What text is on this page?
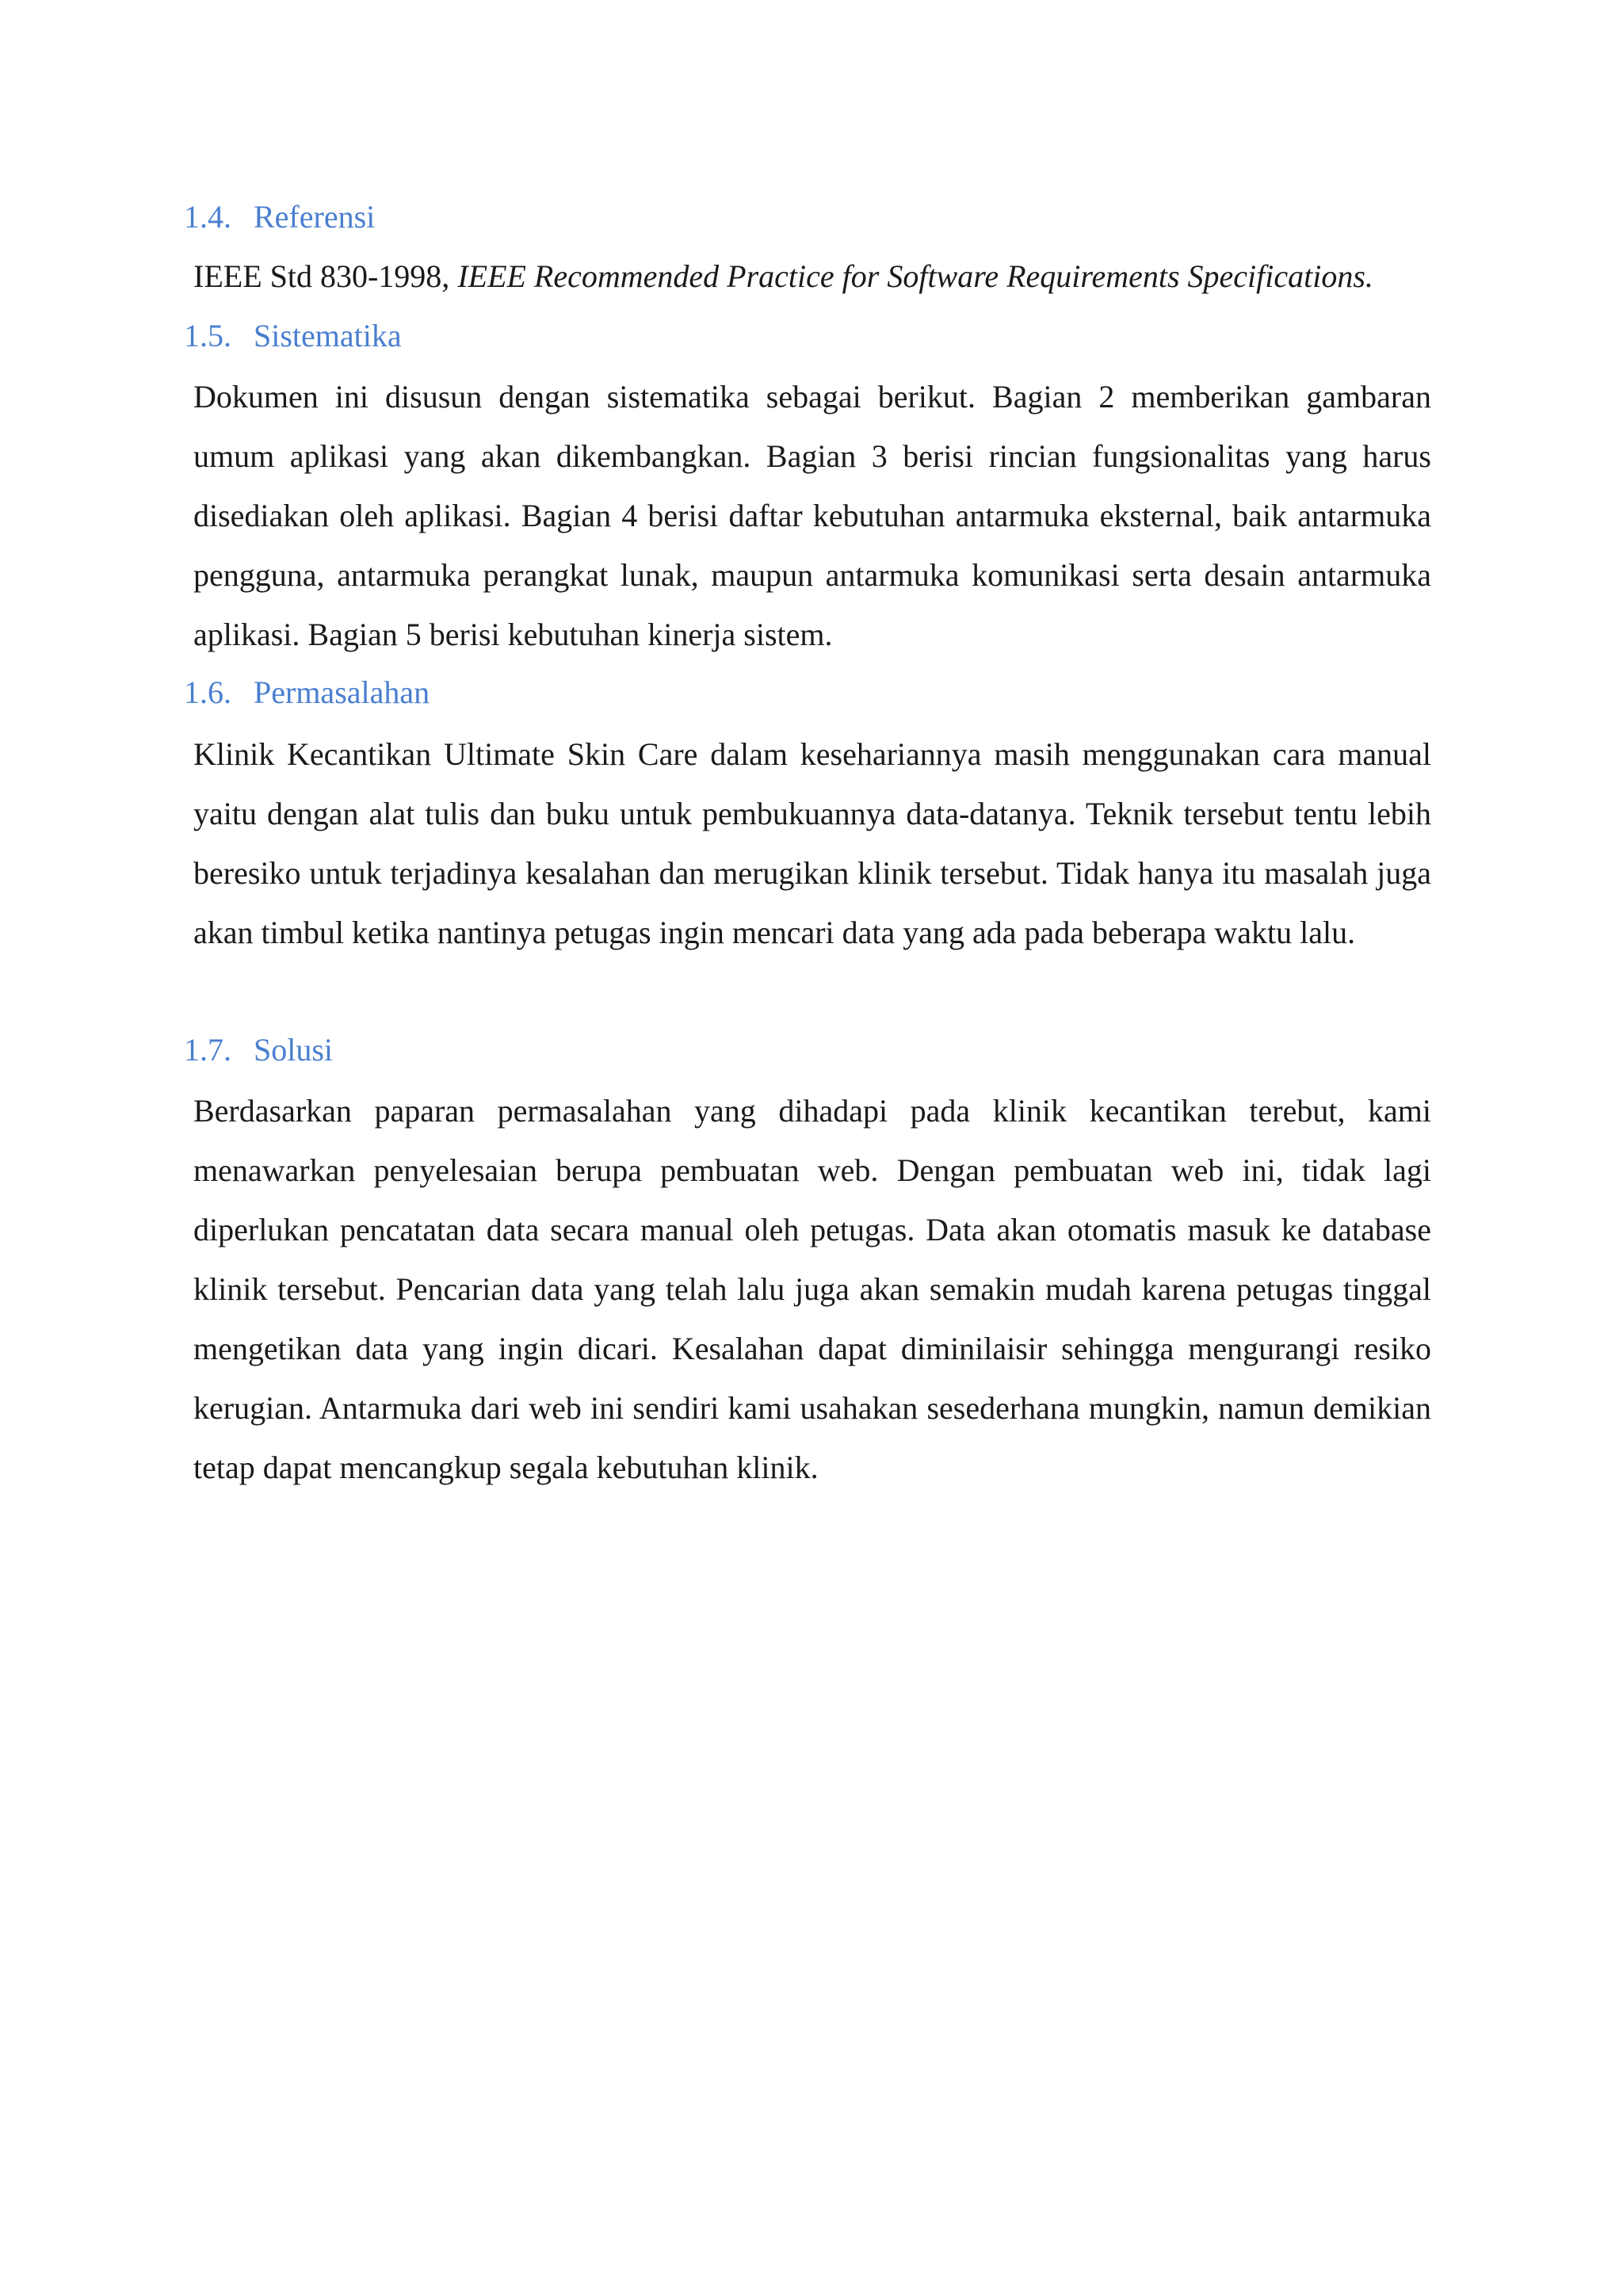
1.4. Referensi
IEEE Std 830-1998, IEEE Recommended Practice for Software Requirements Specifications.
1.5. Sistematika
Dokumen ini disusun dengan sistematika sebagai berikut. Bagian 2 memberikan gambaran umum aplikasi yang akan dikembangkan. Bagian 3 berisi rincian fungsionalitas yang harus disediakan oleh aplikasi. Bagian 4 berisi daftar kebutuhan antarmuka eksternal, baik antarmuka pengguna, antarmuka perangkat lunak, maupun antarmuka komunikasi serta desain antarmuka aplikasi. Bagian 5 berisi kebutuhan kinerja sistem.
1.6. Permasalahan
Klinik Kecantikan Ultimate Skin Care dalam kesehariannya masih menggunakan cara manual yaitu dengan alat tulis dan buku untuk pembukuannya data-datanya. Teknik tersebut tentu lebih beresiko untuk terjadinya kesalahan dan merugikan klinik tersebut. Tidak hanya itu masalah juga akan timbul ketika nantinya petugas ingin mencari data yang ada pada beberapa waktu lalu.
1.7. Solusi
Berdasarkan paparan permasalahan yang dihadapi pada klinik kecantikan terebut, kami menawarkan penyelesaian berupa pembuatan web. Dengan pembuatan web ini, tidak lagi diperlukan pencatatan data secara manual oleh petugas. Data akan otomatis masuk ke database klinik tersebut. Pencarian data yang telah lalu juga akan semakin mudah karena petugas tinggal mengetikan data yang ingin dicari. Kesalahan dapat diminilaisir sehingga mengurangi resiko kerugian. Antarmuka dari web ini sendiri kami usahakan sesederhana mungkin, namun demikian tetap dapat mencangkup segala kebutuhan klinik.
